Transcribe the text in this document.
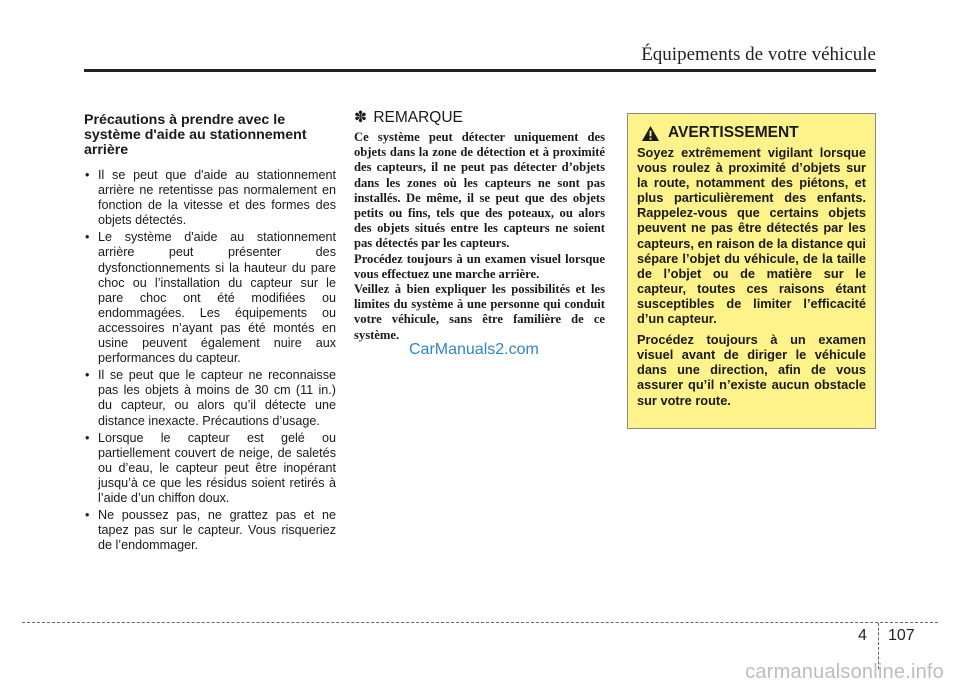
Équipements de votre véhicule
Précautions à prendre avec le système d'aide au stationnement arrière
• Il se peut que d'aide au stationnement arrière ne retentisse pas normalement en fonction de la vitesse et des formes des objets détectés.
• Le système d'aide au stationnement arrière peut présenter des dysfonctionnements si la hauteur du pare choc ou l’installation du capteur sur le pare choc ont été modifiées ou endommagées. Les équipements ou accessoires n’ayant pas été montés en usine peuvent également nuire aux performances du capteur.
• Il se peut que le capteur ne reconnaisse pas les objets à moins de 30 cm (11 in.) du capteur, ou alors qu’il détecte une distance inexacte. Précautions d’usage.
• Lorsque le capteur est gelé ou partiellement couvert de neige, de saletés ou d’eau, le capteur peut être inopérant jusqu’à ce que les résidus soient retirés à l’aide d’un chiffon doux.
• Ne poussez pas, ne grattez pas et ne tapez pas sur le capteur. Vous risqueriez de l’endommager.
✽ REMARQUE

Ce système peut détecter uniquement des objets dans la zone de détection et à proximité des capteurs, il ne peut pas détecter d’objets dans les zones où les capteurs ne sont pas installés. De même, il se peut que des objets petits ou fins, tels que des poteaux, ou alors des objets situés entre les capteurs ne soient pas détectés par les capteurs.
Procédez toujours à un examen visuel lorsque vous effectuez une marche arrière.
Veillez à bien expliquer les possibilités et les limites du système à une personne qui conduit votre véhicule, sans être familière de ce système.

AVERTISSEMENT

Soyez extrêmement vigilant lorsque vous roulez à proximité d’objets sur la route, notamment des piétons, et plus particulièrement des enfants. Rappelez-vous que certains objets peuvent ne pas être détectés par les capteurs, en raison de la distance qui sépare l’objet du véhicule, de la taille de l’objet ou de matière sur le capteur, toutes ces raisons étant susceptibles de limiter l’efficacité d’un capteur.

Procédez toujours à un examen visuel avant de diriger le véhicule dans une direction, afin de vous assurer qu’il n’existe aucun obstacle sur votre route.

CarManuals2.com
4 107
carmanualsonline.info
